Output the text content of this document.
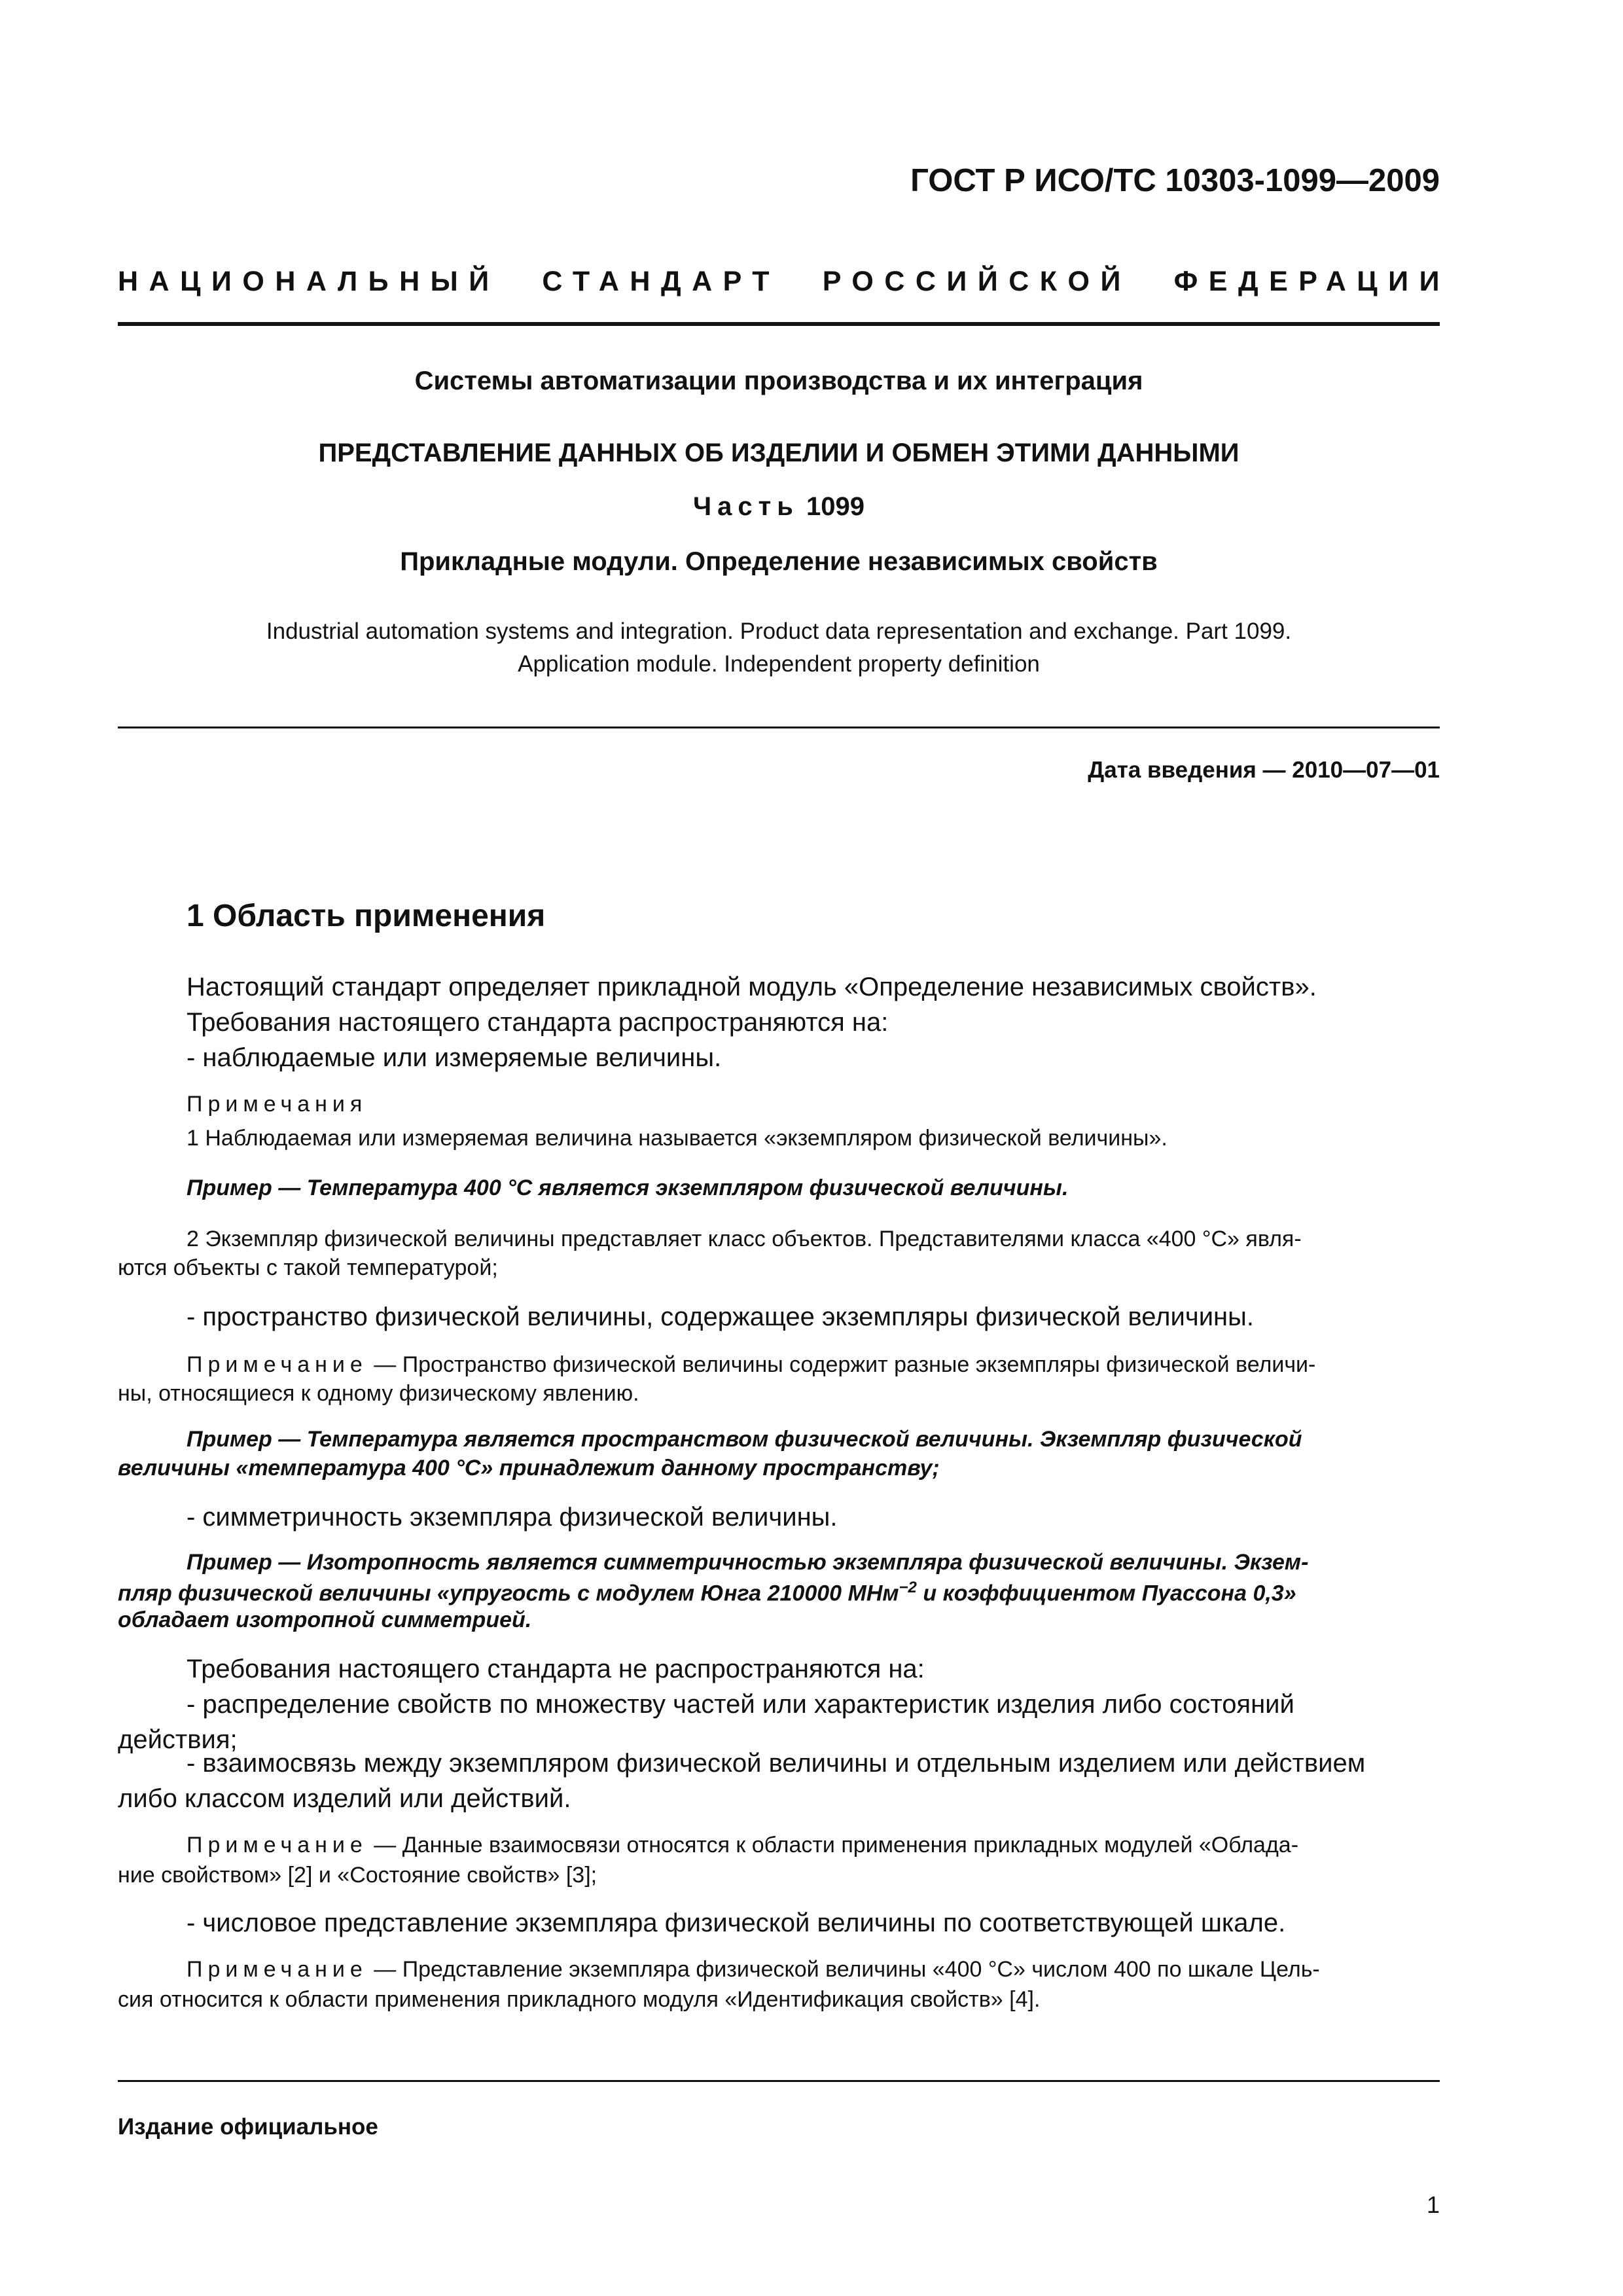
ГОСТ Р ИСО/ТС 10303-1099—2009
НАЦИОНАЛЬНЫЙ СТАНДАРТ РОССИЙСКОЙ ФЕДЕРАЦИИ
Системы автоматизации производства и их интеграция
ПРЕДСТАВЛЕНИЕ ДАННЫХ ОБ ИЗДЕЛИИ И ОБМЕН ЭТИМИ ДАННЫМИ
Часть 1099
Прикладные модули. Определение независимых свойств
Industrial automation systems and integration. Product data representation and exchange. Part 1099.
Application module. Independent property definition
Дата введения — 2010—07—01
1 Область применения
Настоящий стандарт определяет прикладной модуль «Определение независимых свойств».
Требования настоящего стандарта распространяются на:
- наблюдаемые или измеряемые величины.
Примечания
1 Наблюдаемая или измеряемая величина называется «экземпляром физической величины».
Пример — Температура 400 °С является экземпляром физической величины.
2 Экземпляр физической величины представляет класс объектов. Представителями класса «400 °С» явля-
ются объекты с такой температурой;
- пространство физической величины, содержащее экземпляры физической величины.
Примечание — Пространство физической величины содержит разные экземпляры физической величи-
ны, относящиеся к одному физическому явлению.
Пример — Температура является пространством физической величины. Экземпляр физической
величины «температура 400 °С» принадлежит данному пространству;
- симметричность экземпляра физической величины.
Пример — Изотропность является симметричностью экземпляра физической величины. Экзем-
пляр физической величины «упругость с модулем Юнга 210000 МНм$^{-2}$ и коэффициентом Пуассона 0,3»
обладает изотропной симметрией.
Требования настоящего стандарта не распространяются на:
- распределение свойств по множеству частей или характеристик изделия либо состояний
действия;
- взаимосвязь между экземпляром физической величины и отдельным изделием или действием
либо классом изделий или действий.
Примечание — Данные взаимосвязи относятся к области применения прикладных модулей «Облада-
ние свойством» [2] и «Состояние свойств» [3];
- числовое представление экземпляра физической величины по соответствующей шкале.
Примечание — Представление экземпляра физической величины «400 °С» числом 400 по шкале Цель-
сия относится к области применения прикладного модуля «Идентификация свойств» [4].
Издание официальное
1
